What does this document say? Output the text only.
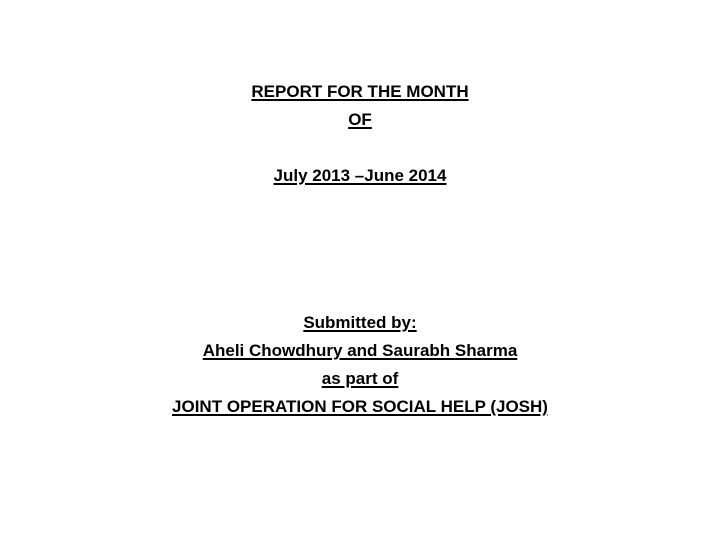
REPORT FOR THE MONTH
OF
July 2013 –June 2014
Submitted by:
Aheli Chowdhury and Saurabh Sharma
as part of
JOINT OPERATION FOR SOCIAL HELP (JOSH)
